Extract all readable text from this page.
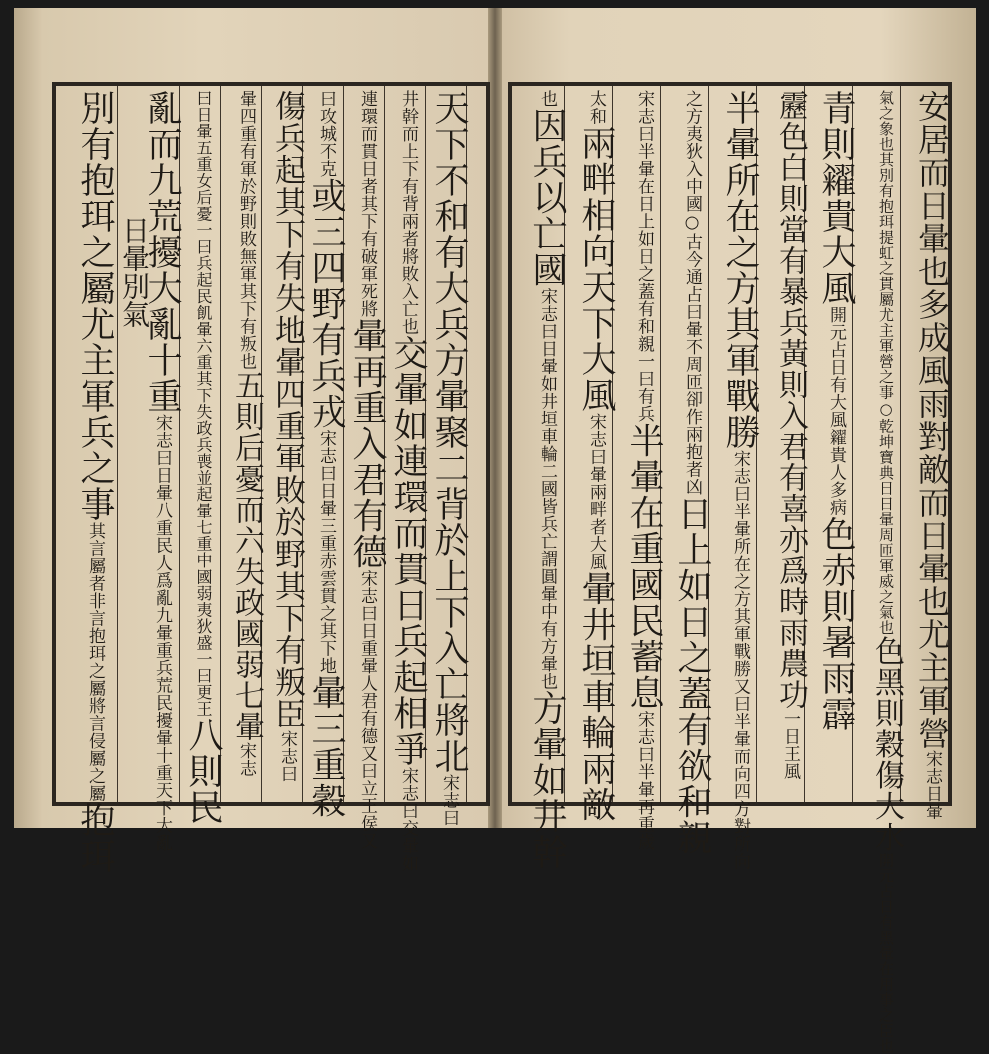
天下不和有大兵方暈聚二背於上下入亡將北宋志曰
井幹而上下有背兩者將敗入亡也交暈如連環而貫日兵起相爭宋志曰交暈如
連環而貫日者其下有破軍死將暈再重入君有德宋志曰日重暈人君有德又曰立王侯又
曰攻城不克或三四野有兵戎宋志曰日暈三重赤雲貫之其下地暈三重穀
傷兵起其下有失地暈四重軍敗於野其下有叛臣宋志曰
暈四重有軍於野則敗無軍其下有叛也五則后憂而六失政國弱七暈宋志
曰日暈五重女后憂一曰兵起民飢暈六重其下失政兵喪並起暈七重中國弱夷狄盛一曰更王八則民
亂而九荒擾大亂十重宋志曰日暈八重民人爲亂九暈重兵荒民擾暈十重天下大亂
日暈別氣
別有抱珥之屬尤主軍兵之事其言屬者非言抱珥之屬將言侵屬之屬抱珥
安居而日暈也多成風雨對敵而日暈也尤主軍營宋志日暈
氣之象也其別有抱珥提虹之貫屬尤主軍營之事○乾坤寶典日日暈周匝軍威之氣也色黑則穀傷大水開元占日有黑暈在用事之臣也
青則糴貴大風開元占日有大風糴貴人多病色赤則暑雨霹
靂色白則當有暴兵黃則入君有喜亦爲時雨農功一日王風
半暈所在之方其軍戰勝宋志曰半暈所在之方其軍戰勝又曰半暈而向四方對所向
之方夷狄入中國○古今通占曰暈不周匝卻作兩抱者凶日上如日之蓋有欲和親
宋志曰半暈在日上如日之蓋有和親一曰有兵半暈在重國民蓄息宋志曰半暈再重歲
太和兩畔相向天下大風宋志曰暈兩畔者大風暈井垣車輪兩敵
也因兵以亡國宋志曰日暈如井垣車輪二國皆兵亡謂圓暈中有方暈也方暈如井幹
